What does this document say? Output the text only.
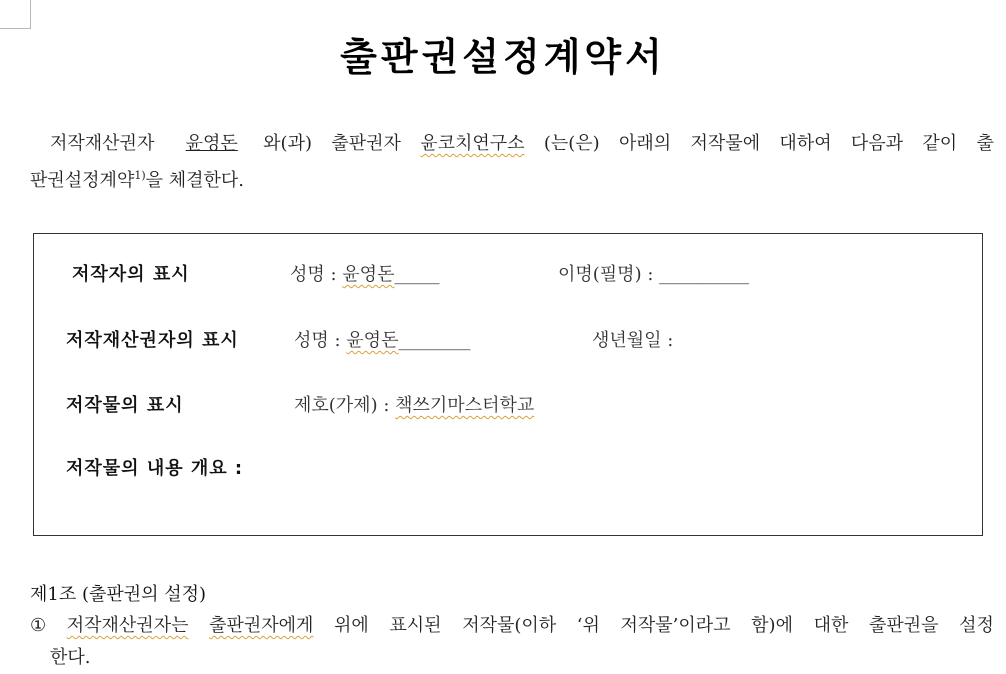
출판권설정계약서
저작재산권자	윤영돈	와(과) 출판권자 윤코치연구소 (는(은) 아래의 저작물에 대하여 다음과 같이 출
판권설정계약$^{1)}$을 체결한다.
저작자의 표시	성명 : 윤영돈_____	이명(필명) : __________
저작재산권자의 표시	성명 : 윤영돈________	생년월일 :
저작물의 표시	제호(가제) : 책쓰기마스터학교
저작물의 내용 개요 :
제1조 (출판권의 설정)
① 저작재산권자는 출판권자에게 위에 표시된 저작물(이하 ‘위 저작물’이라고 함)에 대한 출판권을 설정
한다.
